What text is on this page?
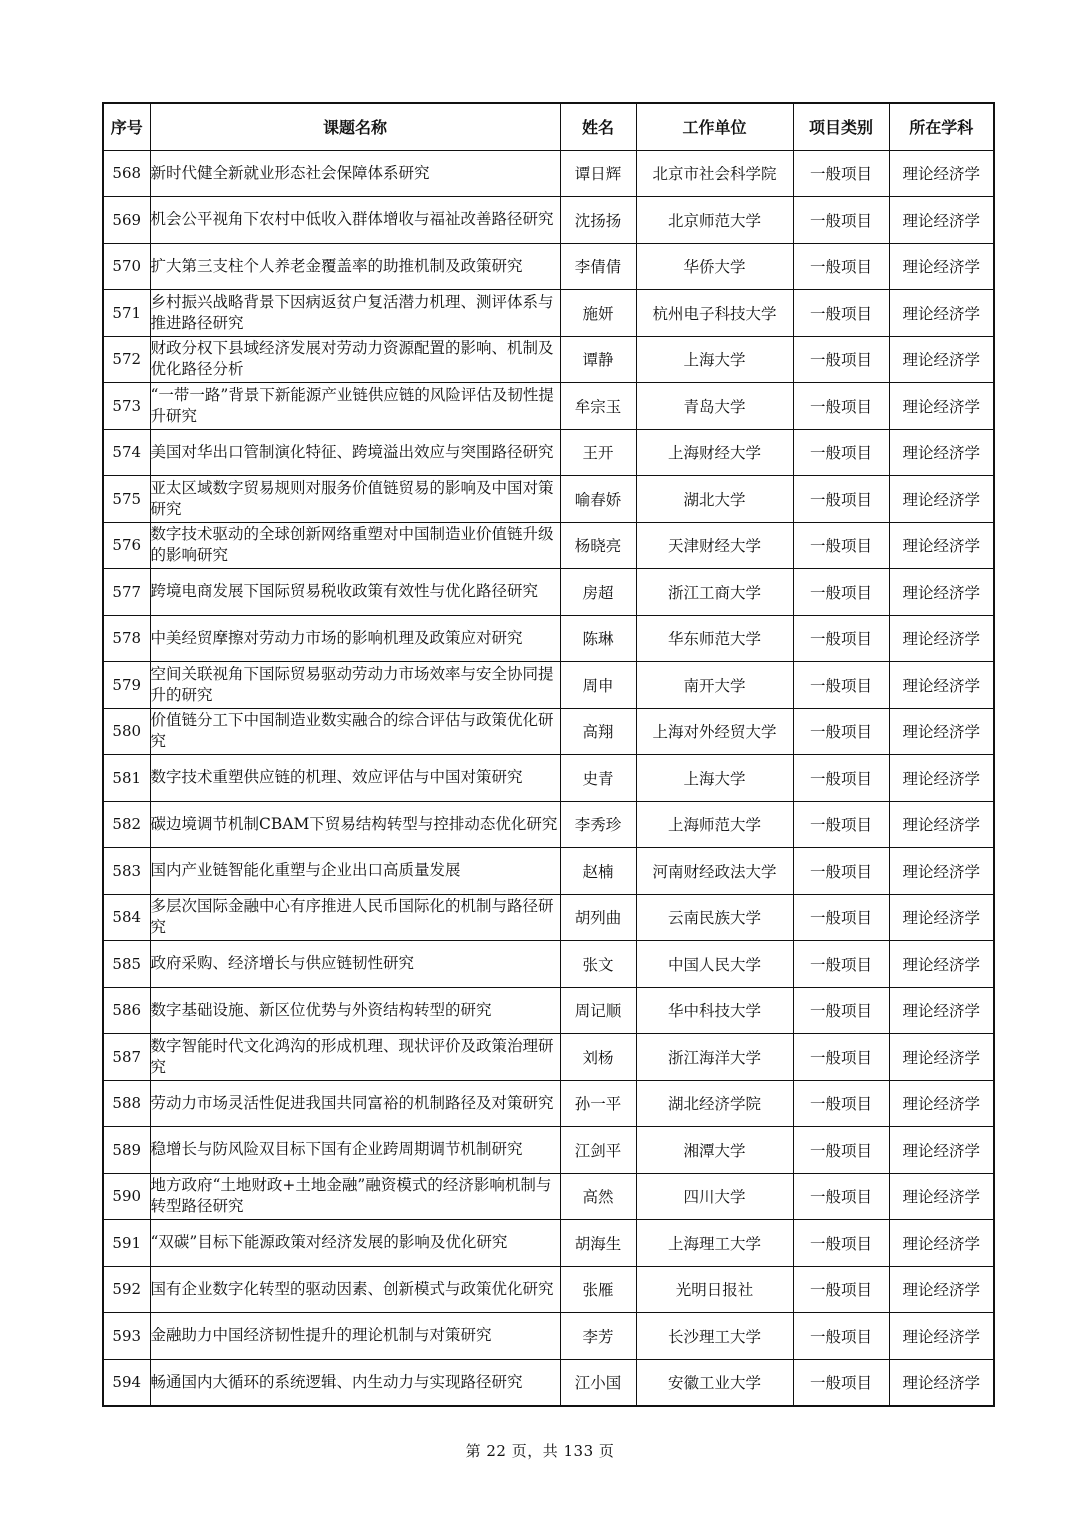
序号	课题名称	姓名	工作单位	项目类别	所在学科
568	新时代健全新就业形态社会保障体系研究	谭日辉	北京市社会科学院	一般项目	理论经济学
569	机会公平视角下农村中低收入群体增收与福祉改善路径研究	沈扬扬	北京师范大学	一般项目	理论经济学
570	扩大第三支柱个人养老金覆盖率的助推机制及政策研究	李倩倩	华侨大学	一般项目	理论经济学
571	乡村振兴战略背景下因病返贫户复活潜力机理、测评体系与推进路径研究	施妍	杭州电子科技大学	一般项目	理论经济学
572	财政分权下县域经济发展对劳动力资源配置的影响、机制及优化路径分析	谭静	上海大学	一般项目	理论经济学
573	“一带一路”背景下新能源产业链供应链的风险评估及韧性提升研究	牟宗玉	青岛大学	一般项目	理论经济学
574	美国对华出口管制演化特征、跨境溢出效应与突围路径研究	王开	上海财经大学	一般项目	理论经济学
575	亚太区域数字贸易规则对服务价值链贸易的影响及中国对策研究	喻春娇	湖北大学	一般项目	理论经济学
576	数字技术驱动的全球创新网络重塑对中国制造业价值链升级的影响研究	杨晓亮	天津财经大学	一般项目	理论经济学
577	跨境电商发展下国际贸易税收政策有效性与优化路径研究	房超	浙江工商大学	一般项目	理论经济学
578	中美经贸摩擦对劳动力市场的影响机理及政策应对研究	陈琳	华东师范大学	一般项目	理论经济学
579	空间关联视角下国际贸易驱动劳动力市场效率与安全协同提升的研究	周申	南开大学	一般项目	理论经济学
580	价值链分工下中国制造业数实融合的综合评估与政策优化研究	高翔	上海对外经贸大学	一般项目	理论经济学
581	数字技术重塑供应链的机理、效应评估与中国对策研究	史青	上海大学	一般项目	理论经济学
582	碳边境调节机制CBAM下贸易结构转型与控排动态优化研究	李秀珍	上海师范大学	一般项目	理论经济学
583	国内产业链智能化重塑与企业出口高质量发展	赵楠	河南财经政法大学	一般项目	理论经济学
584	多层次国际金融中心有序推进人民币国际化的机制与路径研究	胡列曲	云南民族大学	一般项目	理论经济学
585	政府采购、经济增长与供应链韧性研究	张文	中国人民大学	一般项目	理论经济学
586	数字基础设施、新区位优势与外资结构转型的研究	周记顺	华中科技大学	一般项目	理论经济学
587	数字智能时代文化鸿沟的形成机理、现状评价及政策治理研究	刘杨	浙江海洋大学	一般项目	理论经济学
588	劳动力市场灵活性促进我国共同富裕的机制路径及对策研究	孙一平	湖北经济学院	一般项目	理论经济学
589	稳增长与防风险双目标下国有企业跨周期调节机制研究	江剑平	湘潭大学	一般项目	理论经济学
590	地方政府“土地财政+土地金融”融资模式的经济影响机制与转型路径研究	高然	四川大学	一般项目	理论经济学
591	“双碳”目标下能源政策对经济发展的影响及优化研究	胡海生	上海理工大学	一般项目	理论经济学
592	国有企业数字化转型的驱动因素、创新模式与政策优化研究	张雁	光明日报社	一般项目	理论经济学
593	金融助力中国经济韧性提升的理论机制与对策研究	李芳	长沙理工大学	一般项目	理论经济学
594	畅通国内大循环的系统逻辑、内生动力与实现路径研究	江小国	安徽工业大学	一般项目	理论经济学
第 22 页，共 133 页
